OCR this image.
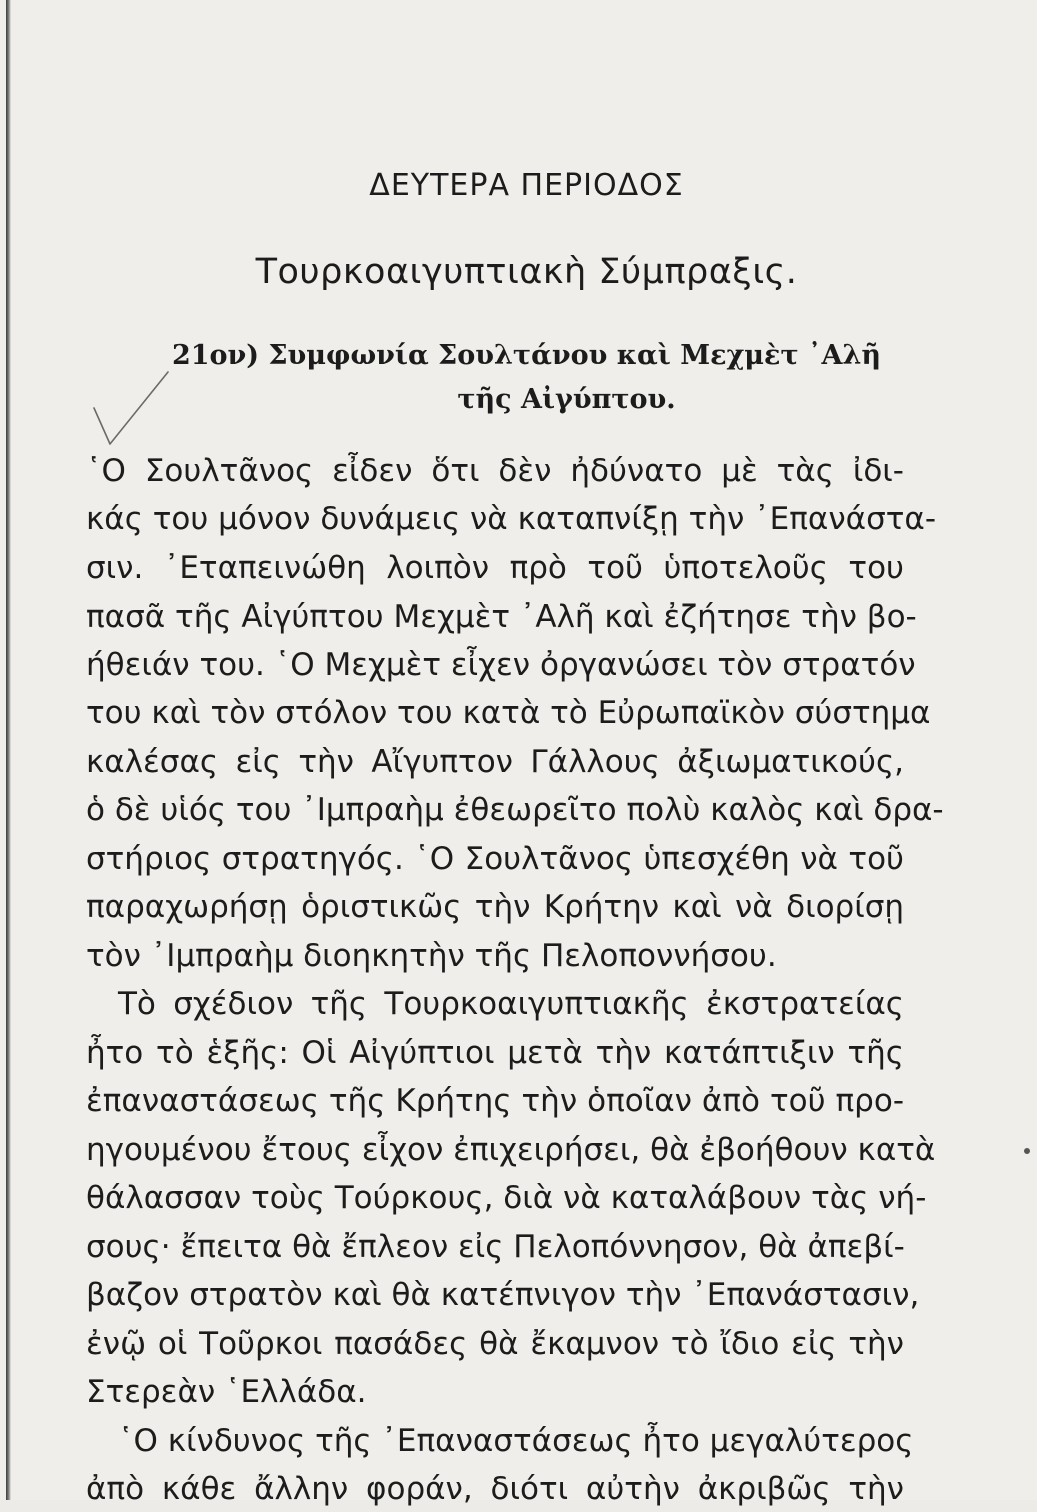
ΔΕΥΤΕΡΑ ΠΕΡΙΟΔΟΣ
Τουρκοαιγυπτιακὴ Σύμπραξις.
21ον) Συμφωνία Σουλτάνου καὶ Μεχμὲτ ᾿Αλῆ
τῆς Αἰγύπτου.
῾Ο Σουλτᾶνος εἶδεν ὅτι δὲν ἠδύνατο μὲ τὰς ἰδι-
κάς του μόνον δυνάμεις νὰ καταπνίξῃ τὴν ᾿Επανάστα-
σιν. ᾿Εταπεινώθη λοιπὸν πρὸ τοῦ ὑποτελοῦς του
πασᾶ τῆς Αἰγύπτου Μεχμὲτ ᾿Αλῆ καὶ ἐζήτησε τὴν βο-
ήθειάν του. ῾Ο Μεχμὲτ εἶχεν ὀργανώσει τὸν στρατόν
του καὶ τὸν στόλον του κατὰ τὸ Εὐρωπαϊκὸν σύστημα
καλέσας εἰς τὴν Αἴγυπτον Γάλλους ἀξιωματικούς,
ὁ δὲ υἱός του ᾿Ιμπραὴμ ἐθεωρεῖτο πολὺ καλὸς καὶ δρα-
στήριος στρατηγός. ῾Ο Σουλτᾶνος ὑπεσχέθη νὰ τοῦ
παραχωρήσῃ ὁριστικῶς τὴν Κρήτην καὶ νὰ διορίσῃ
τὸν ᾿Ιμπραὴμ διοηκητὴν τῆς Πελοποννήσου.
Τὸ σχέδιον τῆς Τουρκοαιγυπτιακῆς ἐκστρατείας
ἦτο τὸ ἑξῆς: Οἱ Αἰγύπτιοι μετὰ τὴν κατάπτιξιν τῆς
ἐπαναστάσεως τῆς Κρήτης τὴν ὁποῖαν ἀπὸ τοῦ προ-
ηγουμένου ἔτους εἶχον ἐπιχειρήσει, θὰ ἐβοήθουν κατὰ
θάλασσαν τοὺς Τούρκους, διὰ νὰ καταλάβουν τὰς νή-
σους· ἔπειτα θὰ ἔπλεον εἰς Πελοπόννησον, θὰ ἀπεβί-
βαζον στρατὸν καὶ θὰ κατέπνιγον τὴν ᾿Επανάστασιν,
ἐνῷ οἱ Τοῦρκοι πασάδες θὰ ἔκαμνον τὸ ἴδιο εἰς τὴν
Στερεὰν ῾Ελλάδα.
῾Ο κίνδυνος τῆς ᾿Επαναστάσεως ἦτο μεγαλύτερος
ἀπὸ κάθε ἄλλην φοράν, διότι αὐτὴν ἀκριβῶς τὴν
